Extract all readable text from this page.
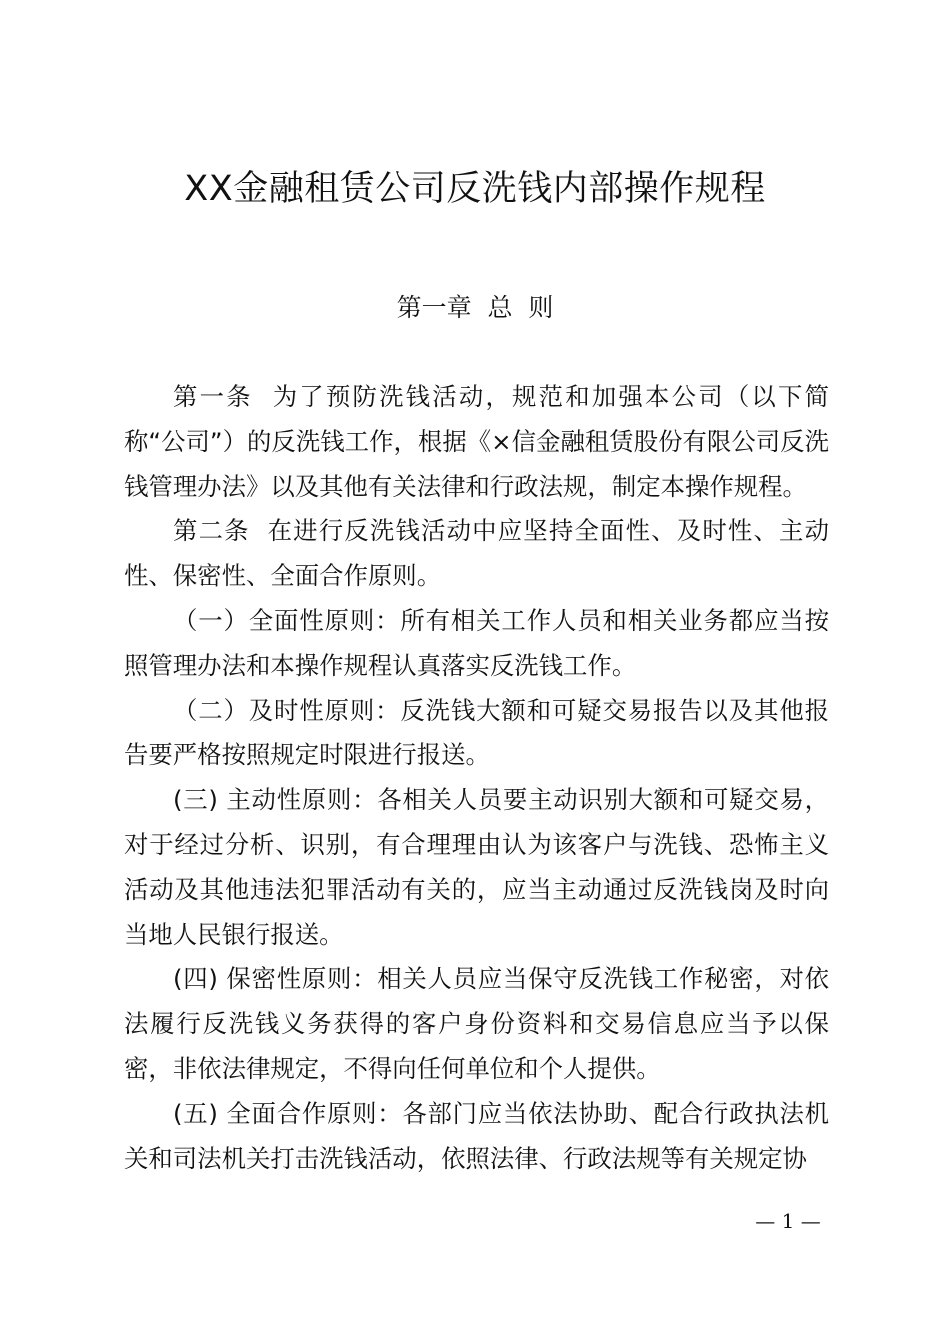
XX金融租赁公司反洗钱内部操作规程
第一章  总  则

第一条  为了预防洗钱活动，规范和加强本公司（以下简称“公司”）的反洗钱工作，根据《×信金融租赁股份有限公司反洗钱管理办法》以及其他有关法律和行政法规，制定本操作规程。

第二条  在进行反洗钱活动中应坚持全面性、及时性、主动性、保密性、全面合作原则。

（一）全面性原则：所有相关工作人员和相关业务都应当按照管理办法和本操作规程认真落实反洗钱工作。

（二）及时性原则：反洗钱大额和可疑交易报告以及其他报告要严格按照规定时限进行报送。

(三) 主动性原则：各相关人员要主动识别大额和可疑交易，对于经过分析、识别，有合理理由认为该客户与洗钱、恐怖主义活动及其他违法犯罪活动有关的，应当主动通过反洗钱岗及时向当地人民银行报送。

(四) 保密性原则：相关人员应当保守反洗钱工作秘密，对依法履行反洗钱义务获得的客户身份资料和交易信息应当予以保密，非依法律规定，不得向任何单位和个人提供。

(五) 全面合作原则：各部门应当依法协助、配合行政执法机关和司法机关打击洗钱活动，依照法律、行政法规等有关规定协

— 1 —
